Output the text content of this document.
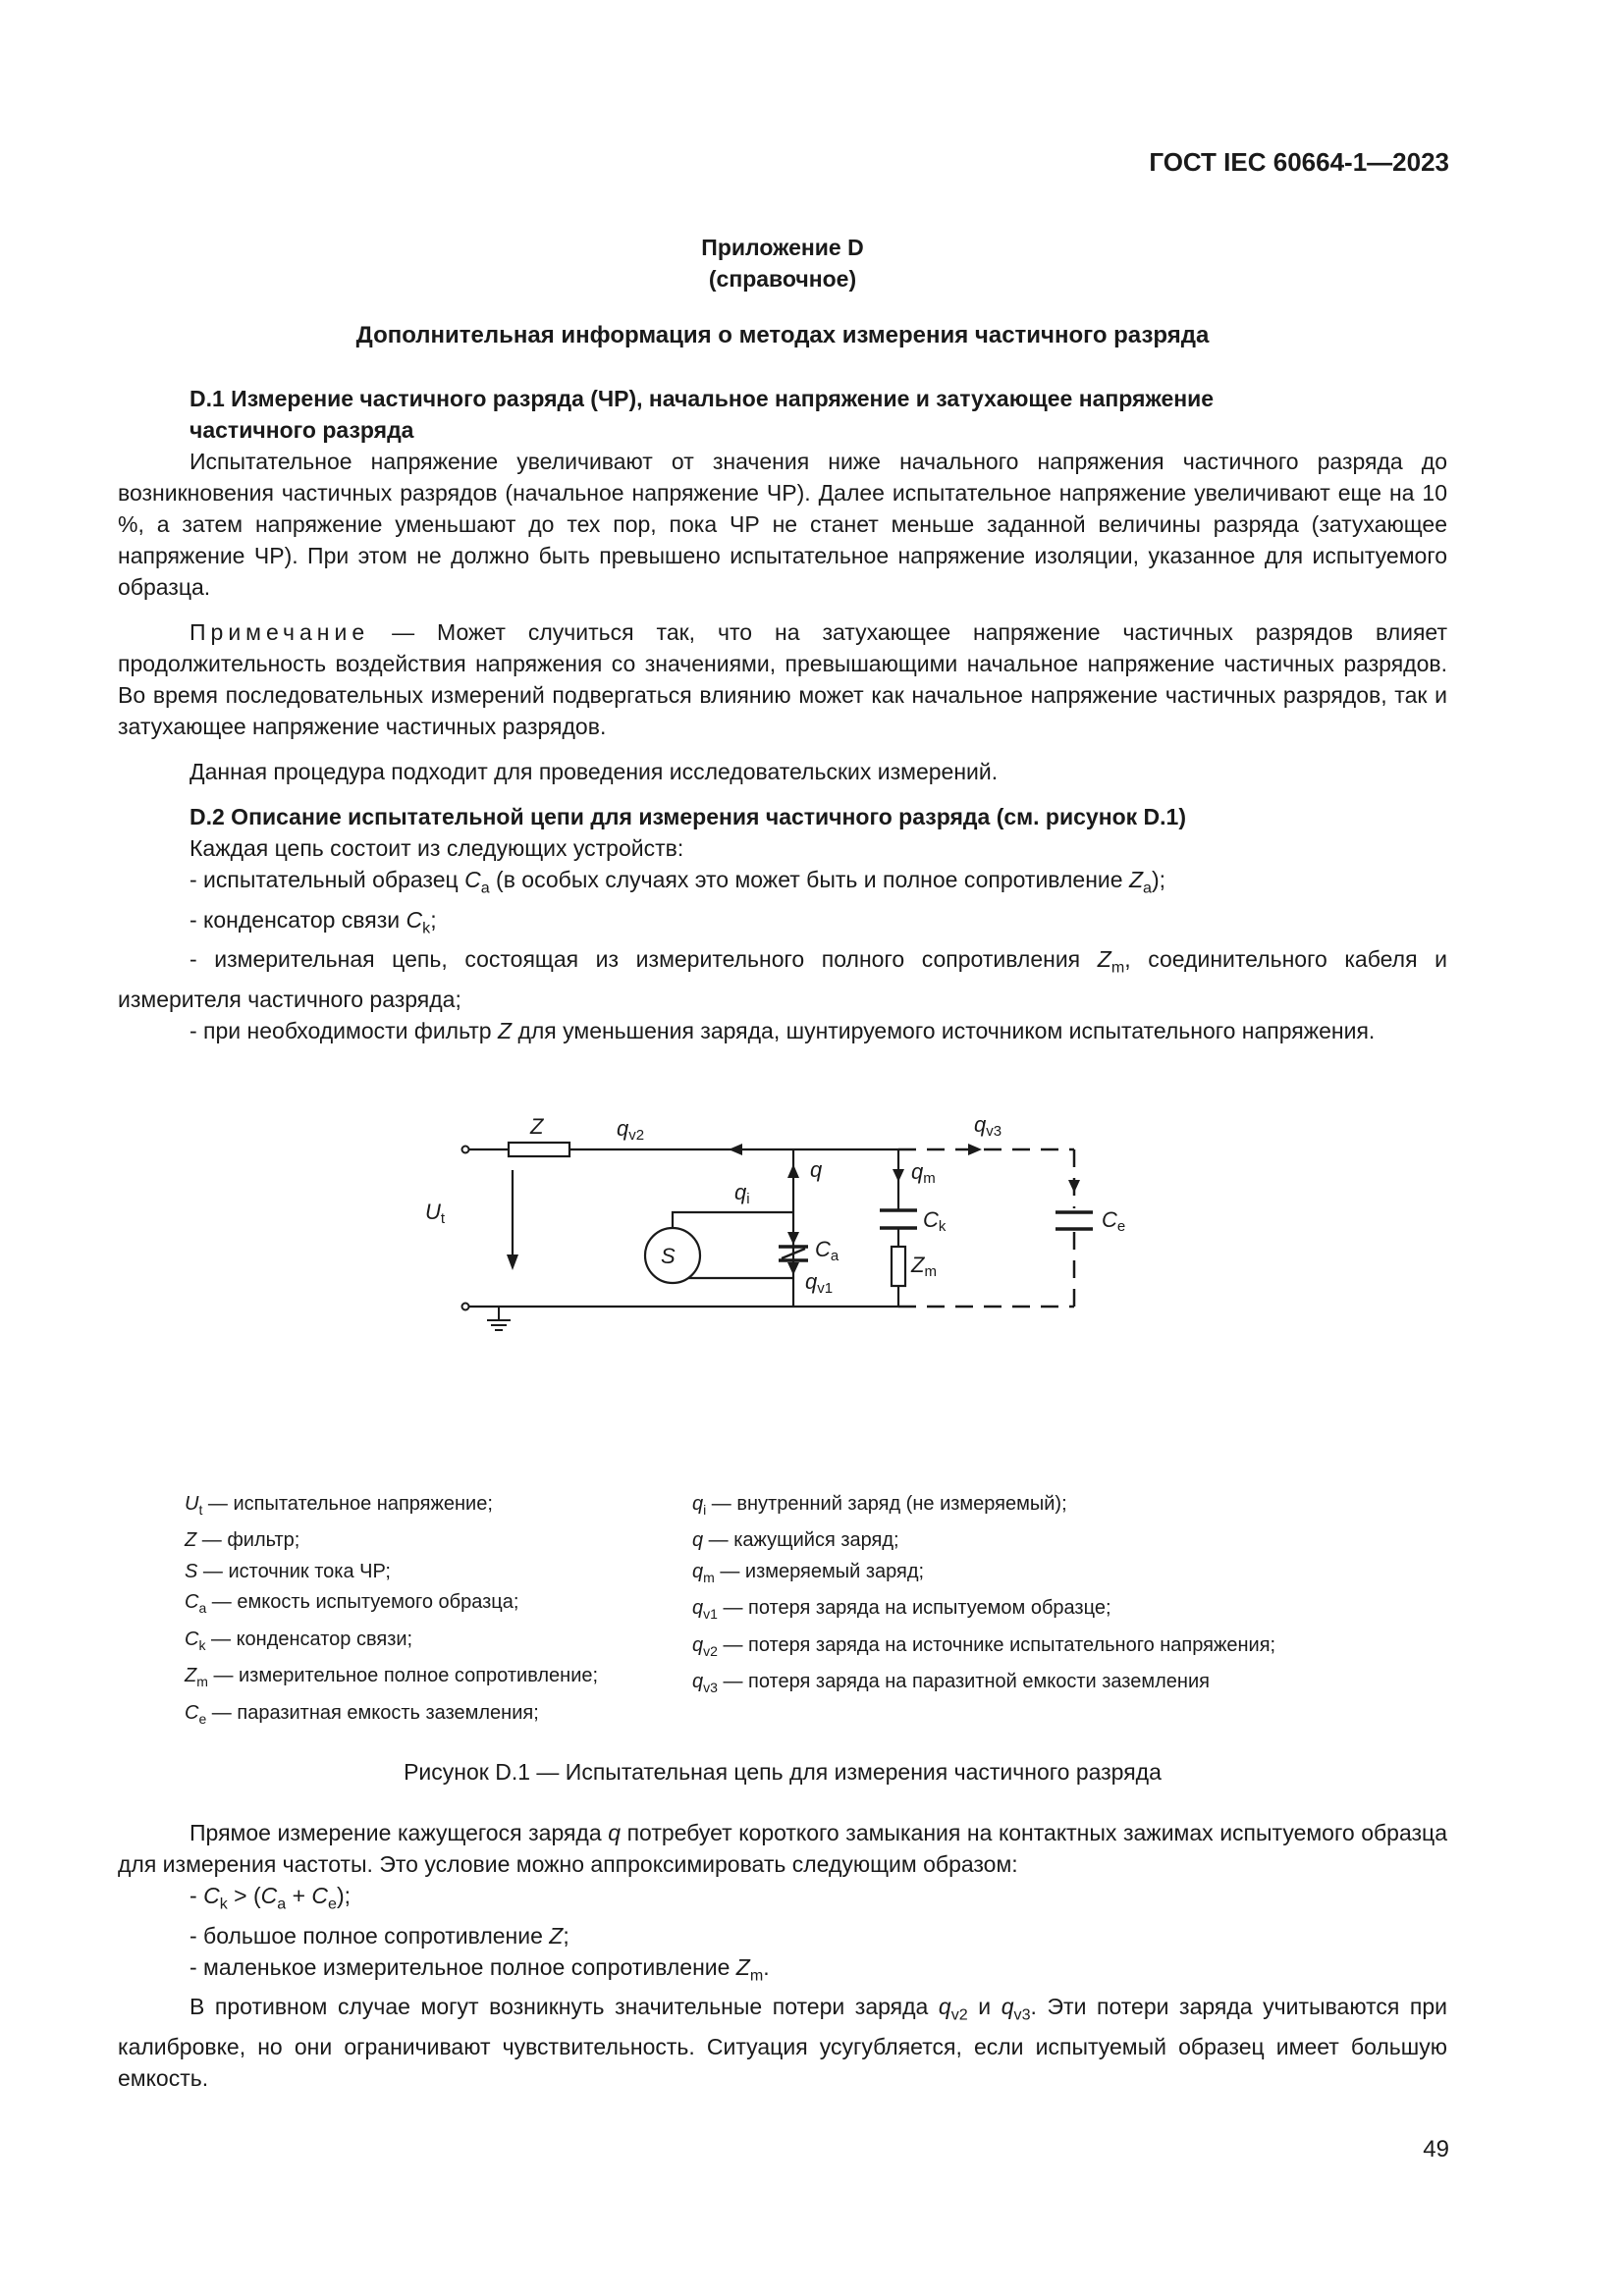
ГОСТ IEC 60664-1—2023
Приложение D
(справочное)
Дополнительная информация о методах измерения частичного разряда
D.1 Измерение частичного разряда (ЧР), начальное напряжение и затухающее напряжение
частичного разряда

Испытательное напряжение увеличивают от значения ниже начального напряжения частичного разряда до возникновения частичных разрядов (начальное напряжение ЧР). Далее испытательное напряжение увеличивают еще на 10 %, а затем напряжение уменьшают до тех пор, пока ЧР не станет меньше заданной величины разряда (затухающее напряжение ЧР). При этом не должно быть превышено испытательное напряжение изоляции, указанное для испытуемого образца.

Примечание — Может случиться так, что на затухающее напряжение частичных разрядов влияет продолжительность воздействия напряжения со значениями, превышающими начальное напряжение частичных разрядов. Во время последовательных измерений подвергаться влиянию может как начальное напряжение частичных разрядов, так и затухающее напряжение частичных разрядов.

Данная процедура подходит для проведения исследовательских измерений.

D.2 Описание испытательной цепи для измерения частичного разряда (см. рисунок D.1)
Каждая цепь состоит из следующих устройств:
- испытательный образец $C_a$ (в особых случаях это может быть и полное сопротивление $Z_a$);
- конденсатор связи $C_k$;

- измерительная цепь, состоящая из измерительного полного сопротивления $Z_m$, соединительного кабеля и измерителя частичного разряда;

- при необходимости фильтр Z для уменьшения заряда, шунтируемого источником испытательного напряжения.

Z	qv2	qv3
q	qm
qi
Ck	Ce
Ca
qv1
Zm
S
Ut
$U_t$ — испытательное напряжение;
Z — фильтр;
S — источник тока ЧР;
$C_a$ — емкость испытуемого образца;
$C_k$ — конденсатор связи;
$Z_m$ — измерительное полное сопротивление;
$C_e$ — паразитная емкость заземления;
$q_i$ — внутренний заряд (не измеряемый);
q — кажущийся заряд;
$q_m$ — измеряемый заряд;
$q_{v1}$ — потеря заряда на испытуемом образце;
$q_{v2}$ — потеря заряда на источнике испытательного напряжения;
$q_{v3}$ — потеря заряда на паразитной емкости заземления
Рисунок D.1 — Испытательная цепь для измерения частичного разряда

Прямое измерение кажущегося заряда q потребует короткого замыкания на контактных зажимах испытуемого образца для измерения частоты. Это условие можно аппроксимировать следующим образом:

- $C_k > (C_a + C_e)$;
- большое полное сопротивление Z;
- маленькое измерительное полное сопротивление $Z_m$.

В противном случае могут возникнуть значительные потери заряда $q_{v2}$ и $q_{v3}$. Эти потери заряда учитываются при калибровке, но они ограничивают чувствительность. Ситуация усугубляется, если испытуемый образец имеет большую емкость.

49
